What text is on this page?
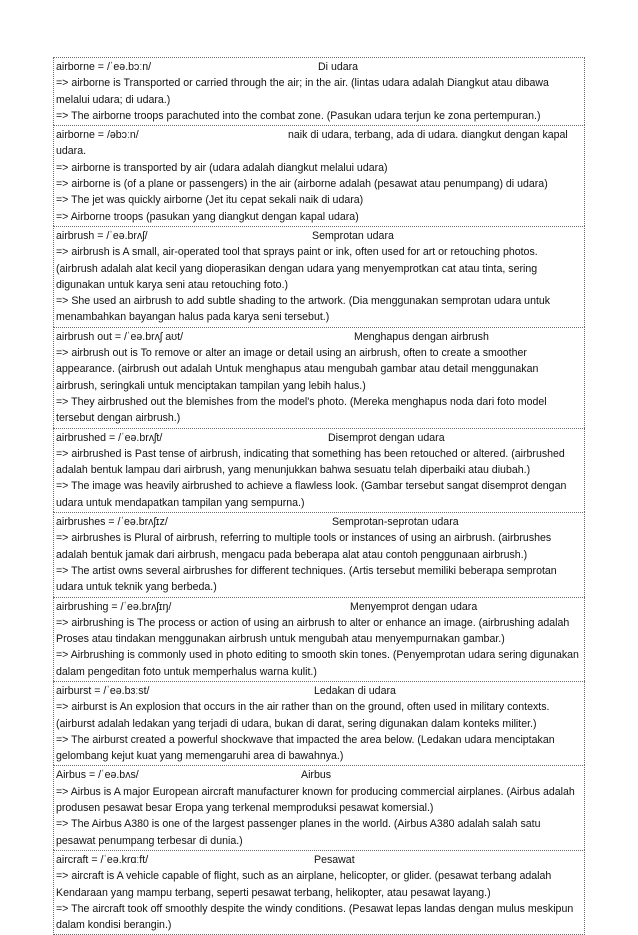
airborne = /ˈeə.bɔːn/	Di udara
=> airborne is Transported or carried through the air; in the air. (lintas udara adalah Diangkut atau dibawa melalui udara; di udara.)
=> The airborne troops parachuted into the combat zone. (Pasukan udara terjun ke zona pertempuran.)
airborne = /əbɔːn/	naik di udara, terbang, ada di udara. diangkut dengan kapal
udara.
=> airborne is transported by air (udara adalah diangkut melalui udara)
=> airborne is (of a plane or passengers) in the air (airborne adalah (pesawat atau penumpang) di udara)
=> The jet was quickly airborne (Jet itu cepat sekali naik di udara)
=> Airborne troops (pasukan yang diangkut dengan kapal udara)
airbrush = /ˈeə.brʌʃ/	Semprotan udara
=> airbrush is A small, air-operated tool that sprays paint or ink, often used for art or retouching photos. (airbrush adalah alat kecil yang dioperasikan dengan udara yang menyemprotkan cat atau tinta, sering digunakan untuk karya seni atau retouching foto.)
=> She used an airbrush to add subtle shading to the artwork. (Dia menggunakan semprotan udara untuk menambahkan bayangan halus pada karya seni tersebut.)
airbrush out = /ˈeə.brʌʃ aʊt/	Menghapus dengan airbrush
=> airbrush out is To remove or alter an image or detail using an airbrush, often to create a smoother appearance. (airbrush out adalah Untuk menghapus atau mengubah gambar atau detail menggunakan airbrush, seringkali untuk menciptakan tampilan yang lebih halus.)
=> They airbrushed out the blemishes from the model's photo. (Mereka menghapus noda dari foto model tersebut dengan airbrush.)
airbrushed = /ˈeə.brʌʃt/	Disemprot dengan udara
=> airbrushed is Past tense of airbrush, indicating that something has been retouched or altered. (airbrushed adalah bentuk lampau dari airbrush, yang menunjukkan bahwa sesuatu telah diperbaiki atau diubah.)
=> The image was heavily airbrushed to achieve a flawless look. (Gambar tersebut sangat disemprot dengan udara untuk mendapatkan tampilan yang sempurna.)
airbrushes = /ˈeə.brʌʃɪz/	Semprotan-seprotan udara
=> airbrushes is Plural of airbrush, referring to multiple tools or instances of using an airbrush. (airbrushes adalah bentuk jamak dari airbrush, mengacu pada beberapa alat atau contoh penggunaan airbrush.)
=> The artist owns several airbrushes for different techniques. (Artis tersebut memiliki beberapa semprotan udara untuk teknik yang berbeda.)
airbrushing = /ˈeə.brʌʃɪŋ/	Menyemprot dengan udara
=> airbrushing is The process or action of using an airbrush to alter or enhance an image. (airbrushing adalah Proses atau tindakan menggunakan airbrush untuk mengubah atau menyempurnakan gambar.)
=> Airbrushing is commonly used in photo editing to smooth skin tones. (Penyemprotan udara sering digunakan dalam pengeditan foto untuk memperhalus warna kulit.)
airburst = /ˈeə.bɜːst/	Ledakan di udara
=> airburst is An explosion that occurs in the air rather than on the ground, often used in military contexts. (airburst adalah ledakan yang terjadi di udara, bukan di darat, sering digunakan dalam konteks militer.)
=> The airburst created a powerful shockwave that impacted the area below. (Ledakan udara menciptakan gelombang kejut kuat yang memengaruhi area di bawahnya.)
Airbus = /ˈeə.bʌs/	Airbus
=> Airbus is A major European aircraft manufacturer known for producing commercial airplanes. (Airbus adalah produsen pesawat besar Eropa yang terkenal memproduksi pesawat komersial.)
=> The Airbus A380 is one of the largest passenger planes in the world. (Airbus A380 adalah salah satu pesawat penumpang terbesar di dunia.)
aircraft = /ˈeə.krɑːft/	Pesawat
=> aircraft is A vehicle capable of flight, such as an airplane, helicopter, or glider. (pesawat terbang adalah Kendaraan yang mampu terbang, seperti pesawat terbang, helikopter, atau pesawat layang.)
=> The aircraft took off smoothly despite the windy conditions. (Pesawat lepas landas dengan mulus meskipun dalam kondisi berangin.)
